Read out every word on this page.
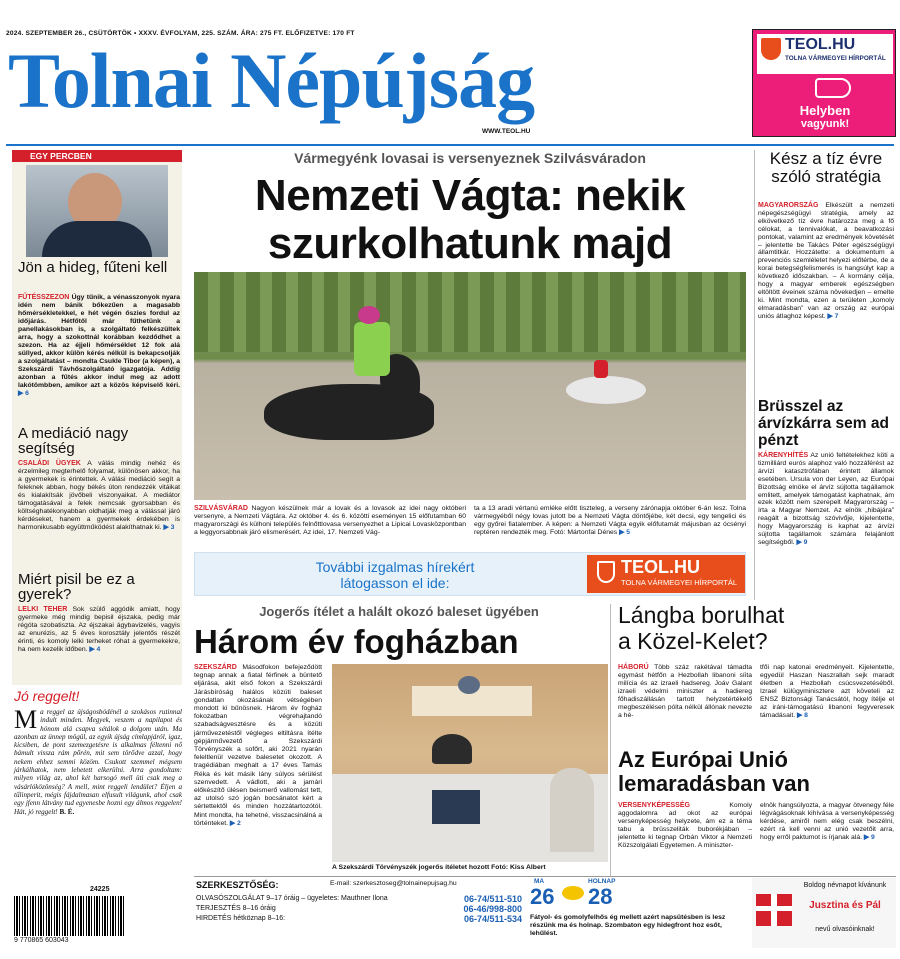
2024. SZEPTEMBER 26., CSÜTÖRTÖK • XXXV. ÉVFOLYAM, 225. SZÁM. ÁRA: 275 FT. ELŐFIZETVE: 170 FT
Tolnai Népújság
WWW.TEOL.HU
TEOL.HU
TOLNA VÁRMEGYEI HÍRPORTÁL
Helyben
vagyunk!
EGY PERCBEN
Jön a hideg, fűteni kell
FŰTÉSSZEZON Úgy tűnik, a vénasszonyok nyara idén nem bánik bőkezűen a magasabb hőmérsékletekkel, e hét végén őszies fordul az időjárás. Hétfőtől már fűthetünk a panellakásokban is, a szolgáltató felkészültek arra, hogy a szokottnál korábban kezdődhet a szezon. Ha az éjjeli hőmérséklet 12 fok alá süllyed, akkor külön kérés nélkül is bekapcsolják a szolgáltatást – mondta Csukle Tibor (a képen), a Szekszárdi Távhőszolgáltató igazgatója. Addig azonban a fűtés akkor indul meg az adott lakótömbben, amikor azt a közös képviselő kéri. ▶ 6
A mediáció nagy segítség
CSALÁDI ÜGYEK A válás mindig nehéz és érzelmileg megterhelő folyamat, különösen akkor, ha a gyermekek is érintettek. A válási mediáció segít a feleknek abban, hogy békés úton rendezzék vitáikat és kialakítsák jövőbeli viszonyaikat. A mediátor támogatásával a felek nemcsak gyorsabban és költséghatékonyabban oldhatják meg a válással járó kérdéseket, hanem a gyermekek érdekében is harmonikusabb együttműködést alakíthatnak ki. ▶ 3
Miért pisil be ez a gyerek?
LELKI TEHER Sok szülő aggódik amiatt, hogy gyermeke még mindig bepisil éjszaka, pedig már régóta szobatiszta. Az éjszakai ágybavizelés, vagyis az enurézis, az 5 éves korosztály jelentős részét érinti, és komoly lelki terheket róhat a gyermekekre, ha nem kezelik időben. ▶ 4
Jó reggelt!
Ma reggel az újságosbódénél a szokásos rutinnal indult minden. Megyek, veszem a napilapot és hónom alá csapva sétálok a dolgom után. Ma azonban az ünnep mögül, az egyik újság címlapjáról, igaz, kicsiben, de pont szemezgetésre is alkalmas féltenni nő bámult vissza rám pőrén, mit sem törődve azzal, hogy nekem ehhez semmi közöm. Csukott szemmel mégsem járkálhatok, nem lehetett elkerülni. Arra gondoltam: milyen világ az, ahol két harsogó mell üti csak meg a vásárlóközönség? A mell, mint reggeli lendület? Éljen a tűlinperit, mégis fájdalmasan elfusult világunk, ahol csak egy jfenn látvány tud egyenesbe hozni egy álmos reggelen! Hát, jó reggelt! B. É.
24225
9 770865 603043
Vármegyénk lovasai is versenyeznek Szilvásváradon
Nemzeti Vágta: nekik
szurkolhatunk majd
SZILVÁSVÁRAD Nagyon készülnek már a lovak és a lovasok az idei nagy októberi versenyre, a Nemzeti Vágtára. Az október 4. és 6. közötti eseményen 15 előfutamban 60 magyarországi és külhoni település felnőttlovasa versenyezhet a Lipicai Lovasközpontban a leggyorsabbnak járó elismerésért. Az idei, 17. Nemzeti Vág-
ta a 13 aradi vértanú emléke előtt tiszteleg, a verseny zárónapja október 6-án lesz. Tolna vármegyéből négy lovas jutott be a Nemzeti Vágta döntőjébe, két decsi, egy tengelici és egy győrei fiatalember. A képen: a Nemzeti Vágta egyik előfutamát májusban az ócsényi reptéren rendezték meg. Fotó: Mártonfai Dénes ▶ 5
További izgalmas hírekért
látogasson el ide:
TEOL.HU
TOLNA VÁRMEGYEI HÍRPORTÁL
Jogerős ítélet a halált okozó baleset ügyében
Három év fogházban
SZEKSZÁRD Másodfokon befejeződött tegnap annak a fiatal férfinek a büntető eljárása, akit első fokon a Szekszárdi Járásbíróság halálos közúti baleset gondatlan okozásának vétségében mondott ki bűnösnek. Három év fogház fokozatban végrehajtandó szabadságvesztésre és a közúti járművezetéstől végleges eltiltásra ítélte gépjárművezető a Szekszárdi Törvényszék a sofőrt, aki 2021 nyarán feleltlenül vezetve balesetet okozott. A tragédiában meghalt a 17 éves Tamás Réka és két másik lány súlyos sérülést szenvedett. A vádlott, aki a jamári előkészítő ülésen beismerő vallomást tett, az utolsó szó jogán bocsánatot kért a sértettektől és minden hozzátartozótól. Mint mondta, ha tehetné, visszacsinálná a történteket. ▶ 2
A Szekszárdi Törvényszék jogerős ítéletet hozott Fotó: Kiss Albert
Kész a tíz évre szóló stratégia
MAGYARORSZÁG Elkészült a nemzeti népegészségügyi stratégia, amely az elkövetkező tíz évre határozza meg a fő célokat, a tennivalókat, a beavatkozási pontokat, valamint az eredmények követését – jelentette be Takács Péter egészségügyi államtitkár. Hozzátette: a dokumentum a prevenciós szemléletet helyezi előtérbe, de a korai betegségfelismerés is hangsúlyt kap a következő időszakban. – A kormány célja, hogy a magyar emberek egészségben eltöltött éveinek száma növekedjen – emelte ki. Mint mondta, ezen a területen „komoly elmaradásban” van az ország az európai uniós átlaghoz képest. ▶ 7
Brüsszel az árvízkárra sem ad pénzt
KÁRENYHÍTÉS Az unió feltételekhez köti a tizmilliárd eurós alaphoz való hozzáférést az árvízi katasztrófában érintett államok esetében. Ursula von der Leyen, az Európai Bizottság elnöke el árvíz sújtotta tagállamok emlitett, amelyek támogatást kaphatnak, ám ezek között nem szerepelt Magyarország – írta a Magyar Nemzet. Az elnök „hibájára” reagált a bizottság szóvivője, kijelentette, hogy Magyarország is kaphat az árvízi sújtotta tagállamok számára felajánlott segítségből. ▶ 9
Lángba borulhat
a Közel-Kelet?
HÁBORÚ Több száz rakétával támadta egymást hétfőn a Hezbollah libanoni síita milícia és az izraeli hadsereg. Joáv Galant izraeli védelmi miniszter a hadiereg főhadiszállásán tartott helyzetértékelő megbeszélésen pólta nélkül állónak nevezte a hé-
tfői nap katonai eredményeit. Kijelentette, egyedül Haszan Naszrallah sejk maradt életben a Hezbollah csúcsvezetéséből. Izrael külügyminisztere azt követeli az ENSZ Biztonsági Tanácsától, hogy ítélje el az iráni-támogatású libanoni fegyveresek támadásait. ▶ 8
Az Európai Unió
lemaradásban van
VERSENYKÉPESSÉG	Komoly aggodalomra ad okot az európai versenyképesség helyzete, ám ez a téma tabu a brüsszeliták buborékjában – jelentette ki tegnap Orbán Viktor a Nemzeti Közszolgálati Egyetemen. A miniszter-
elnök hangsúlyozta, a magyar ötvenegy féle légvágásoknak kihívása a versenyképesség kérdése, amiről nem elég csak beszélni, ezért rá kell venni az unió vezetőit arra, hogy erről paktumot is írjanak alá. ▶ 9
SZERKESZTŐSÉG:	E-mail: szerkesztoseg@tolnainepujsag.hu
OLVASÓSZOLGÁLAT 9–17 óráig – ügyeletes: Mauthner Ilona	06-74/511-510
TERJESZTÉS 8–16 óráig	06-46/998-800
HIRDETÉS hétköznap 8–16:	06-74/511-534
MA
26
HOLNAP
28
Fátyol- és gomolyfelhős ég mellett azért napsütésben is lesz részünk ma és holnap. Szombaton egy hidegfront hoz esőt, lehűlést.
Boldog névnapot kívánunk
Jusztina és Pál
nevű olvasóinknak!
